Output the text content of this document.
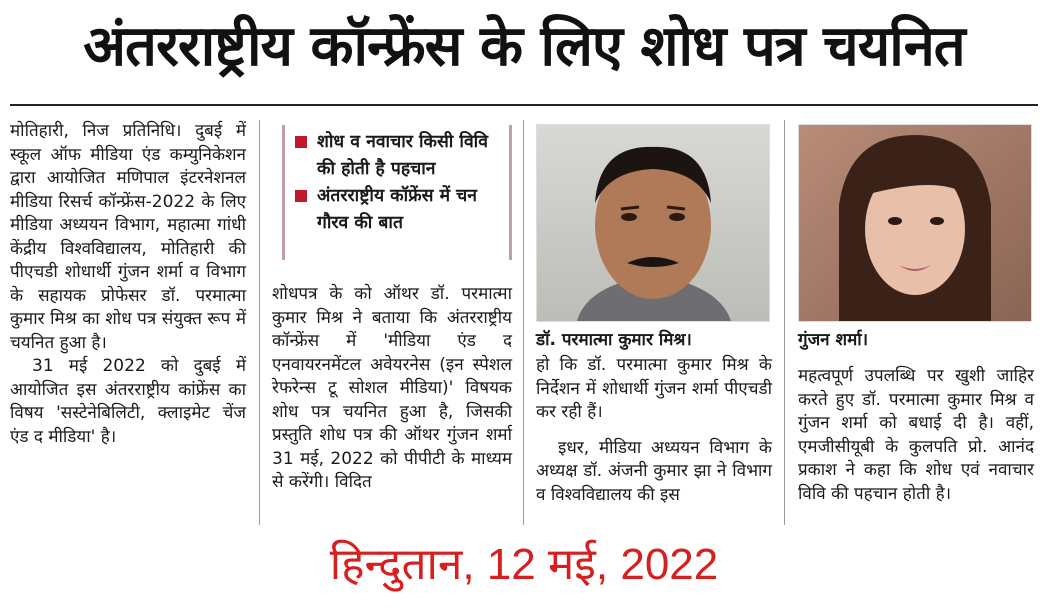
अंतरराष्ट्रीय कॉन्फ्रेंस के लिए शोध पत्र चयनित

मोतिहारी, निज प्रतिनिधि। दुबई में स्कूल ऑफ मीडिया एंड कम्युनिकेशन द्वारा आयोजित मणिपाल इंटरनेशनल मीडिया रिसर्च कॉन्फ्रेंस-2022 के लिए मीडिया अध्ययन विभाग, महात्मा गांधी केंद्रीय विश्वविद्यालय, मोतिहारी की पीएचडी शोधार्थी गुंजन शर्मा व विभाग के सहायक प्रोफेसर डॉ. परमात्मा कुमार मिश्र का शोध पत्र संयुक्त रूप में चयनित हुआ है।

31 मई 2022 को दुबई में आयोजित इस अंतरराष्ट्रीय कांफ्रेंस का विषय 'सस्टेनेबिलिटी, क्लाइमेट चेंज एंड द मीडिया' है।

शोध व नवाचार किसी विवि की होती है पहचान
अंतरराष्ट्रीय कॉफ्रेंस में चन गौरव की बात

शोधपत्र के को ऑथर डॉ. परमात्मा कुमार मिश्र ने बताया कि अंतरराष्ट्रीय कॉन्फ्रेंस में 'मीडिया एंड द एनवायरनमेंटल अवेयरनेस (इन स्पेशल रेफरेन्स टू सोशल मीडिया)' विषयक शोध पत्र चयनित हुआ है, जिसकी प्रस्तुति शोध पत्र की ऑथर गुंजन शर्मा 31 मई, 2022 को पीपीटी के माध्यम से करेंगी। विदित

डॉ. परमात्मा कुमार मिश्र।

हो कि डॉ. परमात्मा कुमार मिश्र के निर्देशन में शोधार्थी गुंजन शर्मा पीएचडी कर रही हैं।

इधर, मीडिया अध्ययन विभाग के अध्यक्ष डॉ. अंजनी कुमार झा ने विभाग व विश्वविद्यालय की इस

गुंजन शर्मा।

महत्वपूर्ण उपलब्धि पर खुशी जाहिर करते हुए डॉ. परमात्मा कुमार मिश्र व गुंजन शर्मा को बधाई दी है। वहीं, एमजीसीयूबी के कुलपति प्रो. आनंद प्रकाश ने कहा कि शोध एवं नवाचार विवि की पहचान होती है।

हिन्दुतान, 12 मई, 2022
